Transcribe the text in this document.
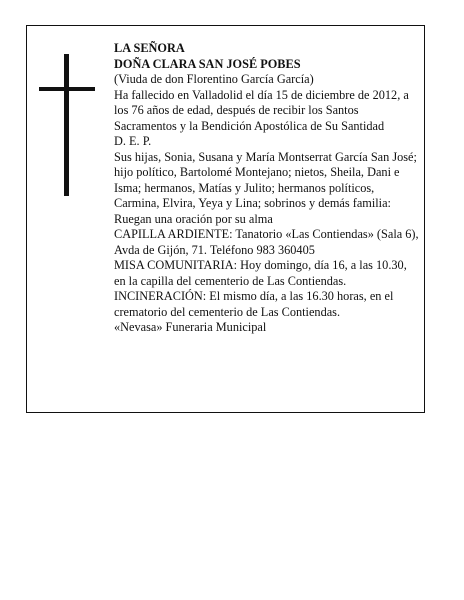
LA SEÑORA

DOÑA CLARA SAN JOSÉ POBES

(Viuda de don Florentino García García)

Ha fallecido en Valladolid el día 15 de diciembre de 2012, a los 76 años de edad, después de recibir los Santos Sacramentos y la Bendición Apostólica de Su Santidad

D. E. P.

Sus hijas, Sonia, Susana y María Montserrat García San José; hijo político, Bartolomé Montejano; nietos, Sheila, Dani e Isma; hermanos, Matías y Julito; hermanos políticos, Carmina, Elvira, Yeya y Lina; sobrinos y demás familia:

Ruegan una oración por su alma

CAPILLA ARDIENTE: Tanatorio «Las Contiendas» (Sala 6), Avda de Gijón, 71. Teléfono 983 360405

MISA COMUNITARIA: Hoy domingo, día 16, a las 10.30, en la capilla del cementerio de Las Contiendas.

INCINERACIÓN: El mismo día, a las 16.30 horas, en el crematorio del cementerio de Las Contiendas.

«Nevasa» Funeraria Municipal
